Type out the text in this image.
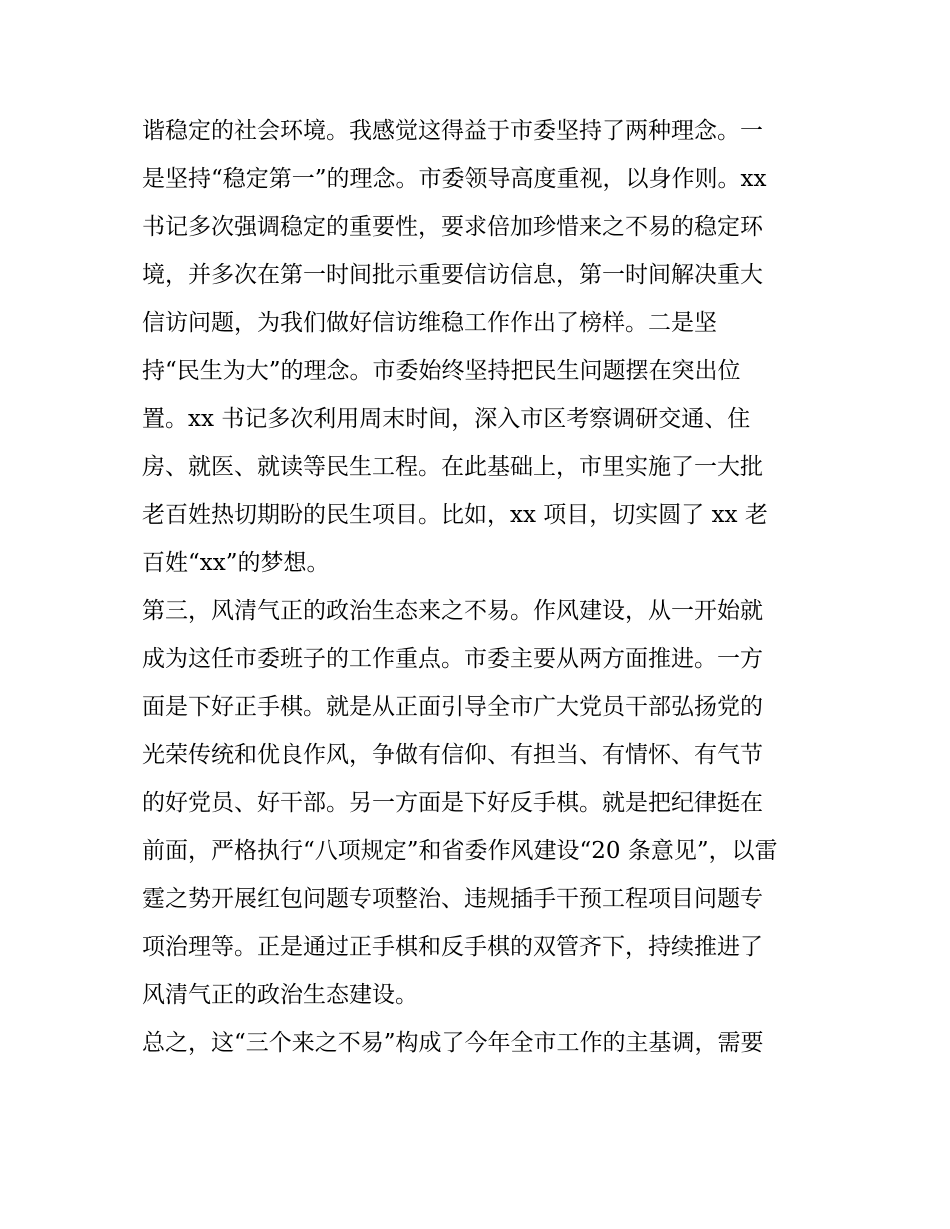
谐稳定的社会环境。我感觉这得益于市委坚持了两种理念。一
是坚持“稳定第一”的理念。市委领导高度重视，以身作则。xx
书记多次强调稳定的重要性，要求倍加珍惜来之不易的稳定环
境，并多次在第一时间批示重要信访信息，第一时间解决重大
信访问题，为我们做好信访维稳工作作出了榜样。二是坚
持“民生为大”的理念。市委始终坚持把民生问题摆在突出位
置。xx 书记多次利用周末时间，深入市区考察调研交通、住
房、就医、就读等民生工程。在此基础上，市里实施了一大批
老百姓热切期盼的民生项目。比如，xx 项目，切实圆了 xx 老
百姓“xx”的梦想。
第三，风清气正的政治生态来之不易。作风建设，从一开始就
成为这任市委班子的工作重点。市委主要从两方面推进。一方
面是下好正手棋。就是从正面引导全市广大党员干部弘扬党的
光荣传统和优良作风，争做有信仰、有担当、有情怀、有气节
的好党员、好干部。另一方面是下好反手棋。就是把纪律挺在
前面，严格执行“八项规定”和省委作风建设“20 条意见”，以雷
霆之势开展红包问题专项整治、违规插手干预工程项目问题专
项治理等。正是通过正手棋和反手棋的双管齐下，持续推进了
风清气正的政治生态建设。
总之，这“三个来之不易”构成了今年全市工作的主基调，需要
